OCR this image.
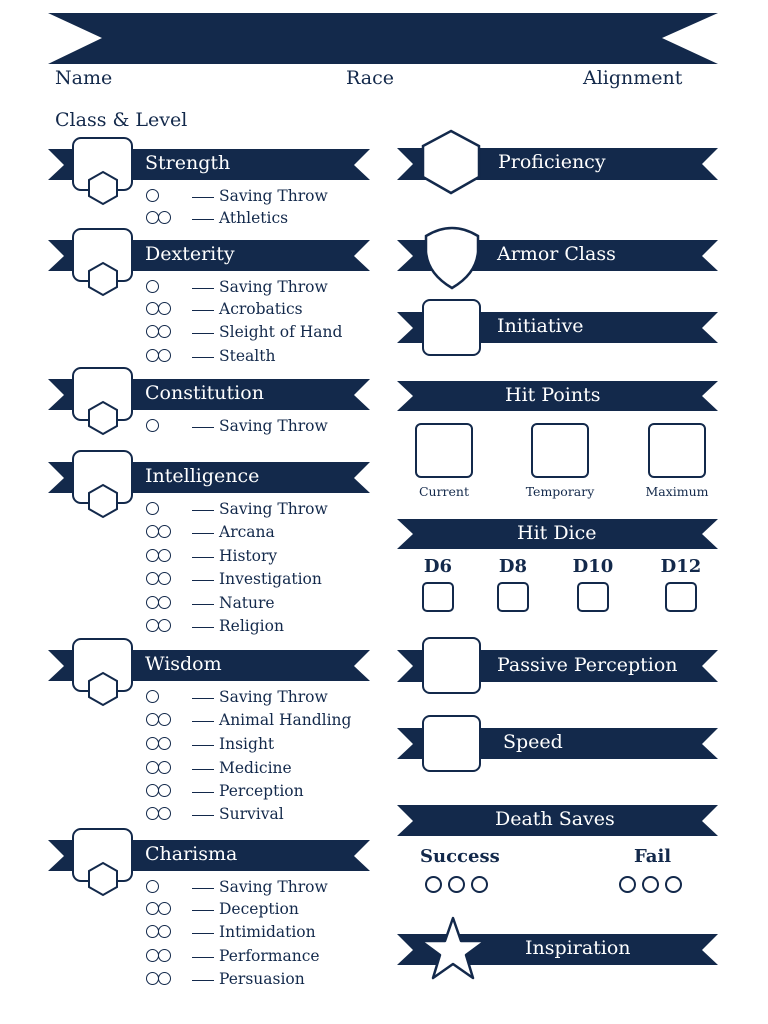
Name	Race	Alignment
Class & Level
Strength
Dexterity
Constitution
Intelligence
Wisdom
Charisma
Saving Throw
Athletics
Saving Throw
Acrobatics
Sleight of Hand
Stealth
Saving Throw
Saving Throw
Arcana
History
Investigation
Nature
Religion
Saving Throw
Animal Handling
Insight
Medicine
Perception
Survival
Saving Throw
Deception
Intimidation
Performance
Persuasion
Proficiency
Armor Class
Initiative
Hit Points
Hit Dice
Passive Perception
Speed
Death Saves
Inspiration
Current	Temporary	Maximum
D6	D8	D10	D12
Success	Fail
